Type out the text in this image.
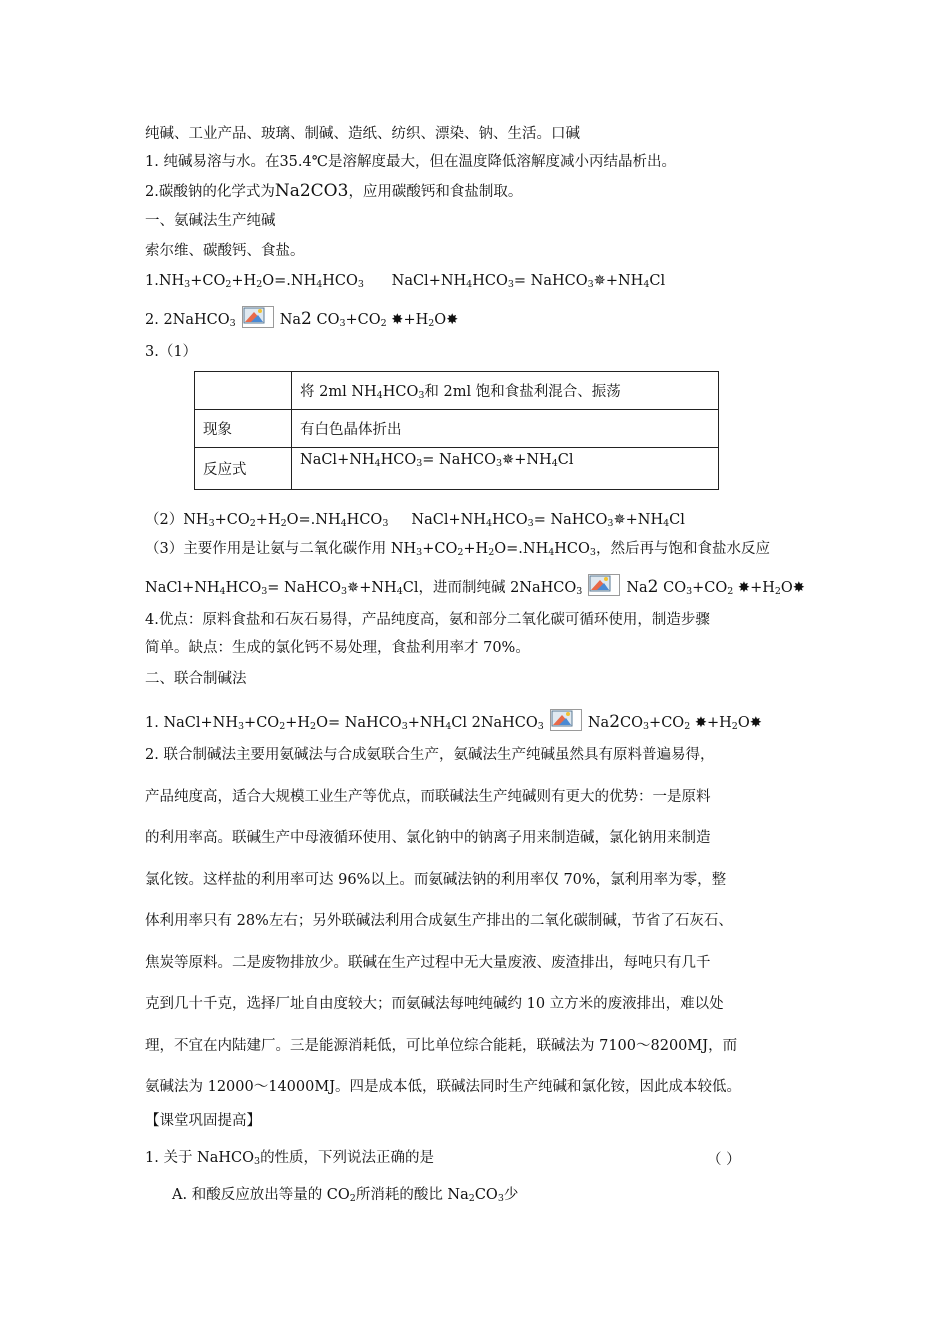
纯碱、工业产品、玻璃、制碱、造纸、纺织、漂染、钠、生活。口碱
1. 纯碱易溶与水。在35.4℃是溶解度最大，但在温度降低溶解度减小丙结晶析出。
2.碳酸钠的化学式为Na2CO3，应用碳酸钙和食盐制取。
一、氨碱法生产纯碱
索尔维、碳酸钙、食盐。
$1.NH_3+CO_2+H_2O=.NH_4HCO_3$ $NaCl+NH_4HCO_3=$ $NaHCO_3✵+NH_4Cl$
2. 2NaHCO$_3$	Na2 $CO_3+CO_2$ $✸+H_2O✸$
3.（1）
	将 2ml $NH_4HCO_3$和 2ml 饱和食盐利混合、振荡
现象	有白色晶体折出
反应式	$NaCl+NH_4HCO_3=$ $NaHCO_3✵+NH_4Cl$
$(2)NH_3+CO_2+H_2O=.NH_4HCO_3$ $NaCl+NH_4HCO_3=$ $NaHCO_3✵+NH_4Cl$
（3）主要作用是让氨与二氧化碳作用 $NH_3+CO_2+H_2O=.NH_4HCO_3$，然后再与饱和食盐水反应
$NaCl+NH_4HCO_3=$ $NaHCO_3✵+NH_4Cl$，进而制纯碱 2NaHCO$_3$	Na2 $CO_3+CO_2$ $✸+H_2O✸$
4.优点：原料食盐和石灰石易得，产品纯度高，氨和部分二氧化碳可循环使用，制造步骤
简单。缺点：生成的氯化钙不易处理，食盐利用率才 70%。
二、联合制碱法
1. $NaCl+NH_3+CO_2+H_2O=$ $NaHCO_3+NH_4Cl$ 2NaHCO$_3$	$Na2CO_3+CO_2$ $✸+H_2O✸$
2. 联合制碱法主要用氨碱法与合成氨联合生产，氨碱法生产纯碱虽然具有原料普遍易得，
产品纯度高，适合大规模工业生产等优点，而联碱法生产纯碱则有更大的优势：一是原料
的利用率高。联碱生产中母液循环使用、氯化钠中的钠离子用来制造碱，氯化钠用来制造
氯化铵。这样盐的利用率可达 96%以上。而氨碱法钠的利用率仅 70%，氯利用率为零，整
体利用率只有 28%左右；另外联碱法利用合成氨生产排出的二氧化碳制碱，节省了石灰石、
焦炭等原料。二是废物排放少。联碱在生产过程中无大量废液、废渣排出，每吨只有几千
克到几十千克，选择厂址自由度较大；而氨碱法每吨纯碱约 10 立方米的废液排出，难以处
理，不宜在内陆建厂。三是能源消耗低，可比单位综合能耗，联碱法为 7100～8200MJ，而
氨碱法为 12000～14000MJ。四是成本低，联碱法同时生产纯碱和氯化铵，因此成本较低。
【课堂巩固提高】
1. 关于 NaHCO$_3$的性质，下列说法正确的是	（ ）
A. 和酸反应放出等量的 $CO_2$所消耗的酸比 $Na_2CO_3$少
